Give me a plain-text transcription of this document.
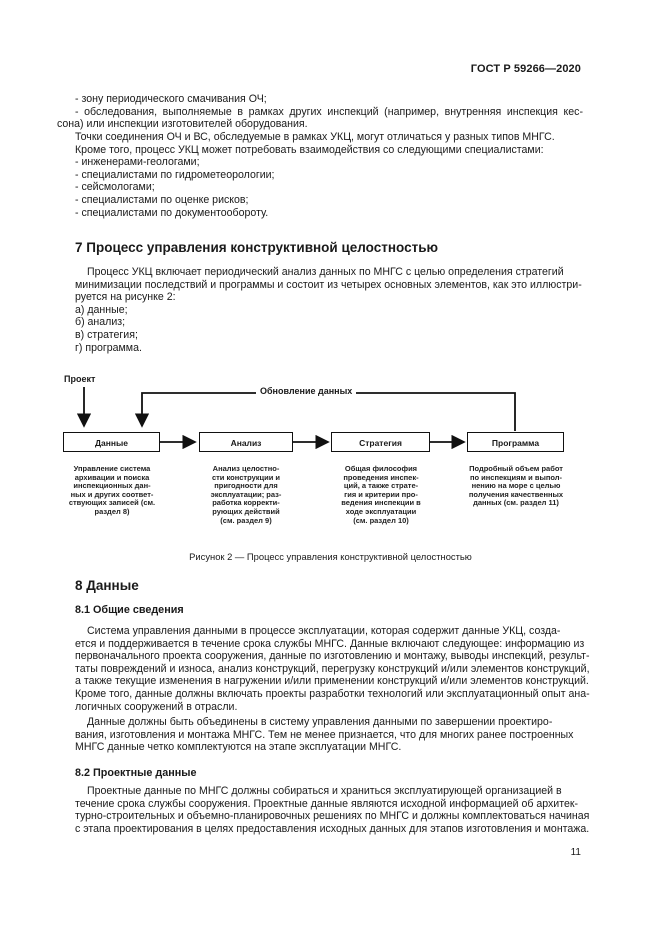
ГОСТ Р 59266—2020
- зону периодического смачивания ОЧ;
- обследования, выполняемые в рамках других инспекций (например, внутренняя инспекция кес-
сона) или инспекции изготовителей оборудования.
Точки соединения ОЧ и ВС, обследуемые в рамках УКЦ, могут отличаться у разных типов МНГС.
Кроме того, процесс УКЦ может потребовать взаимодействия со следующими специалистами:
- инженерами-геологами;
- специалистами по гидрометеорологии;
- сейсмологами;
- специалистами по оценке рисков;
- специалистами по документообороту.
7 Процесс управления конструктивной целостностью
Процесс УКЦ включает периодический анализ данных по МНГС с целью определения стратегий
минимизации последствий и программы и состоит из четырех основных элементов, как это иллюстри-
руется на рисунке 2:
а) данные;
б) анализ;
в) стратегия;
г) программа.
Проект
Обновление данных
Данные	Анализ	Стратегия	Программа
Управление система
архивации и поиска
инспекционных дан-
ных и других соответ-
ствующих записей (см.
раздел 8)
Анализ целостно-
сти конструкции и
пригодности для
эксплуатации; раз-
работка корректи-
рующих действий
(см. раздел 9)
Общая философия
проведения инспек-
ций, а также страте-
гия и критерии про-
ведения инспекции в
ходе эксплуатации
(см. раздел 10)
Подробный объем работ
по инспекциям и выпол-
нению на море с целью
получения качественных
данных (см. раздел 11)
Рисунок 2 — Процесс управления конструктивной целостностью
8 Данные
8.1 Общие сведения
Система управления данными в процессе эксплуатации, которая содержит данные УКЦ, созда-
ется и поддерживается в течение срока службы МНГС. Данные включают следующее: информацию из
первоначального проекта сооружения, данные по изготовлению и монтажу, выводы инспекций, результ-
таты повреждений и износа, анализ конструкций, перегрузку конструкций и/или элементов конструкций,
а также текущие изменения в нагружении и/или применении конструкций и/или элементов конструкций.
Кроме того, данные должны включать проекты разработки технологий или эксплуатационный опыт ана-
логичных сооружений в отрасли.
Данные должны быть объединены в систему управления данными по завершении проектиро-
вания, изготовления и монтажа МНГС. Тем не менее признается, что для многих ранее построенных
МНГС данные четко комплектуются на этапе эксплуатации МНГС.
8.2 Проектные данные
Проектные данные по МНГС должны собираться и храниться эксплуатирующей организацией в
течение срока службы сооружения. Проектные данные являются исходной информацией об архитек-
турно-строительных и объемно-планировочных решениях по МНГС и должны комплектоваться начиная
с этапа проектирования в целях предоставления исходных данных для этапов изготовления и монтажа.
11
